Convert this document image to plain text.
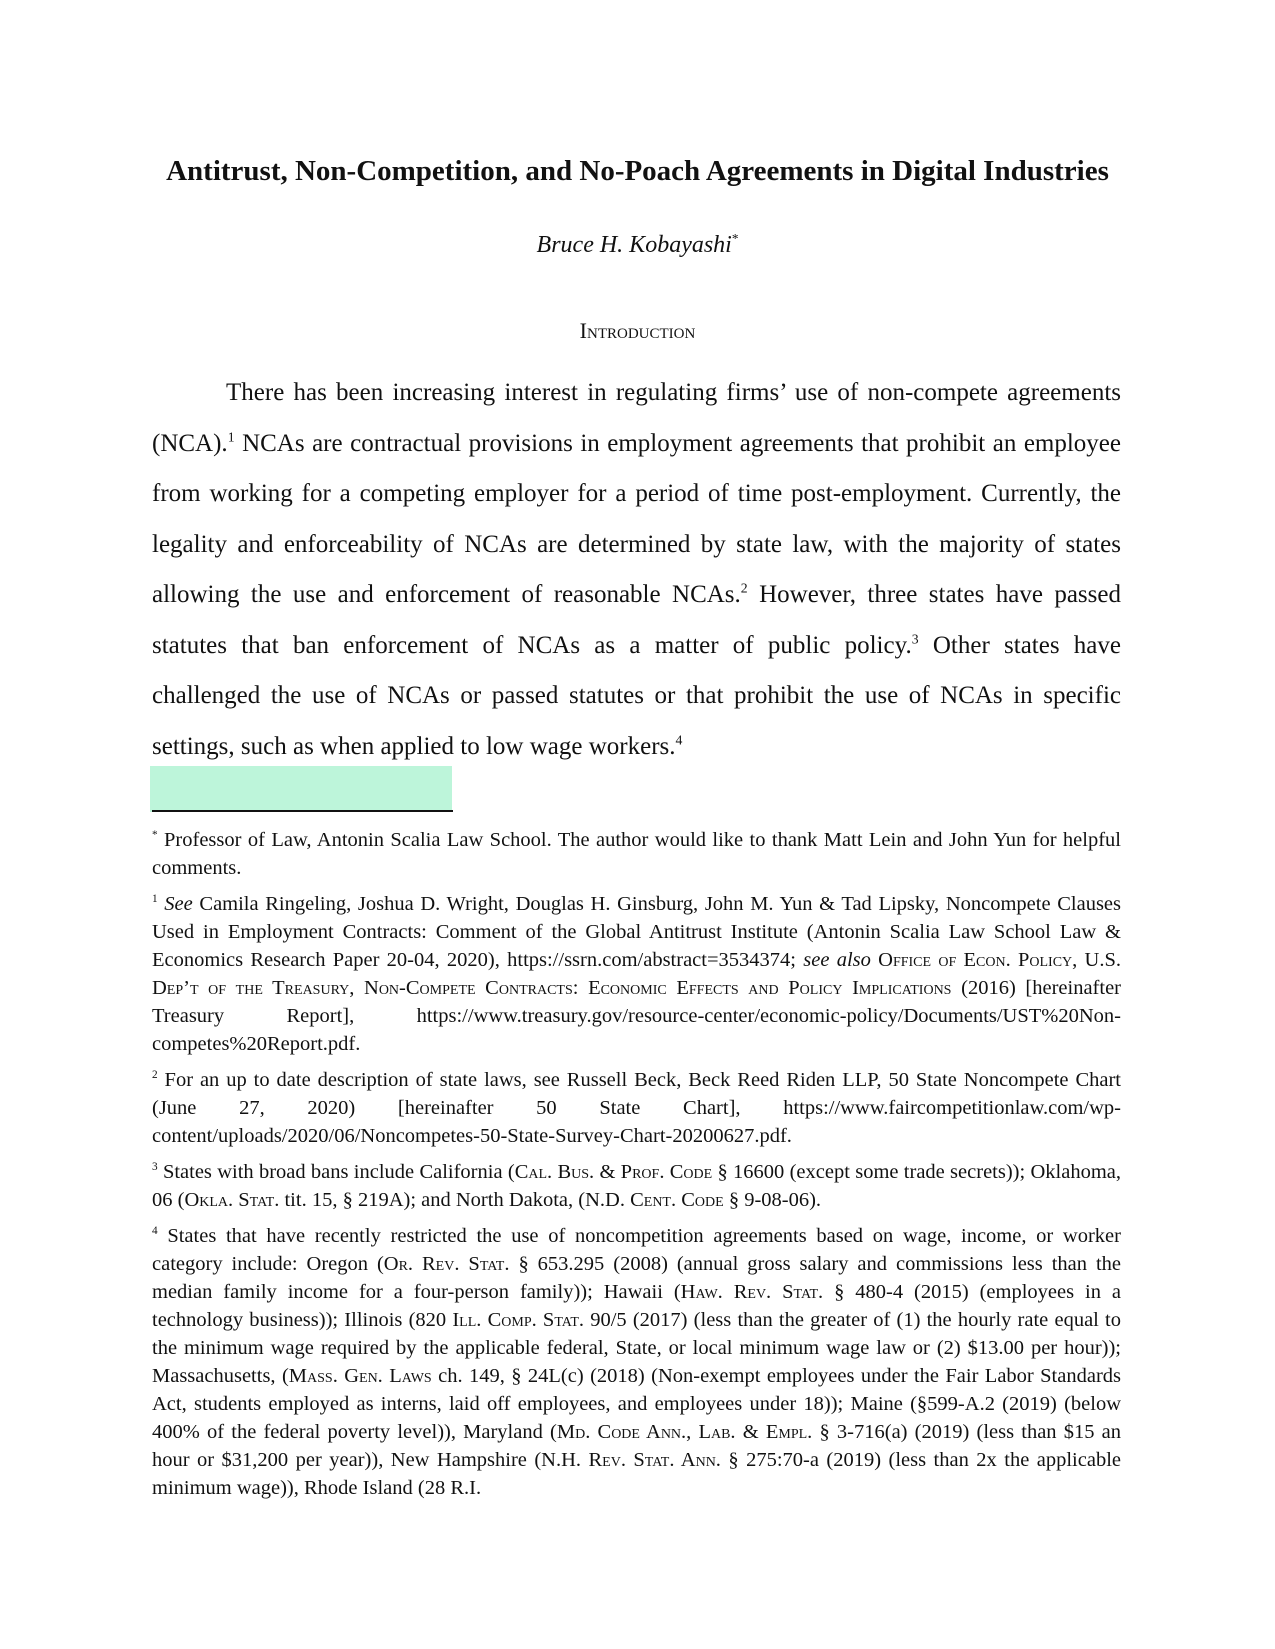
Antitrust, Non-Competition, and No-Poach Agreements in Digital Industries
Bruce H. Kobayashi*
Introduction

There has been increasing interest in regulating firms’ use of non-compete agreements (NCA).$^1$ NCAs are contractual provisions in employment agreements that prohibit an employee from working for a competing employer for a period of time post-employment. Currently, the legality and enforceability of NCAs are determined by state law, with the majority of states allowing the use and enforcement of reasonable NCAs.$^2$ However, three states have passed statutes that ban enforcement of NCAs as a matter of public policy.$^3$ Other states have challenged the use of NCAs or passed statutes or that prohibit the use of NCAs in specific settings, such as when applied to low wage workers.$^4$

* Professor of Law, Antonin Scalia Law School. The author would like to thank Matt Lein and John Yun for helpful comments.

$^1$ See Camila Ringeling, Joshua D. Wright, Douglas H. Ginsburg, John M. Yun & Tad Lipsky, Noncompete Clauses Used in Employment Contracts: Comment of the Global Antitrust Institute (Antonin Scalia Law School Law & Economics Research Paper 20-04, 2020), https://ssrn.com/abstract=3534374; see also Office of Econ. Policy, U.S. Dep’t of the Treasury, Non-Compete Contracts: Economic Effects and Policy Implications (2016) [hereinafter Treasury Report], https://www.treasury.gov/resource-center/economic-policy/Documents/UST%20Non-competes%20Report.pdf.

$^2$ For an up to date description of state laws, see Russell Beck, Beck Reed Riden LLP, 50 State Noncompete Chart (June 27, 2020) [hereinafter 50 State Chart], https://www.faircompetitionlaw.com/wp-content/uploads/2020/06/Noncompetes-50-State-Survey-Chart-20200627.pdf.

$^3$ States with broad bans include California (Cal. Bus. & Prof. Code § 16600 (except some trade secrets)); Oklahoma, 06 (Okla. Stat. tit. 15, § 219A); and North Dakota, (N.D. Cent. Code § 9-08-06).

$^4$ States that have recently restricted the use of noncompetition agreements based on wage, income, or worker category include: Oregon (Or. Rev. Stat. § 653.295 (2008) (annual gross salary and commissions less than the median family income for a four-person family)); Hawaii (Haw. Rev. Stat. § 480-4 (2015) (employees in a technology business)); Illinois (820 Ill. Comp. Stat. 90/5 (2017) (less than the greater of (1) the hourly rate equal to the minimum wage required by the applicable federal, State, or local minimum wage law or (2) $13.00 per hour)); Massachusetts, (Mass. Gen. Laws ch. 149, § 24L(c) (2018) (Non-exempt employees under the Fair Labor Standards Act, students employed as interns, laid off employees, and employees under 18)); Maine (§599-A.2 (2019) (below 400% of the federal poverty level)), Maryland (Md. Code Ann., Lab. & Empl. § 3-716(a) (2019) (less than $15 an hour or $31,200 per year)), New Hampshire (N.H. Rev. Stat. Ann. § 275:70-a (2019) (less than 2x the applicable minimum wage)), Rhode Island (28 R.I.
